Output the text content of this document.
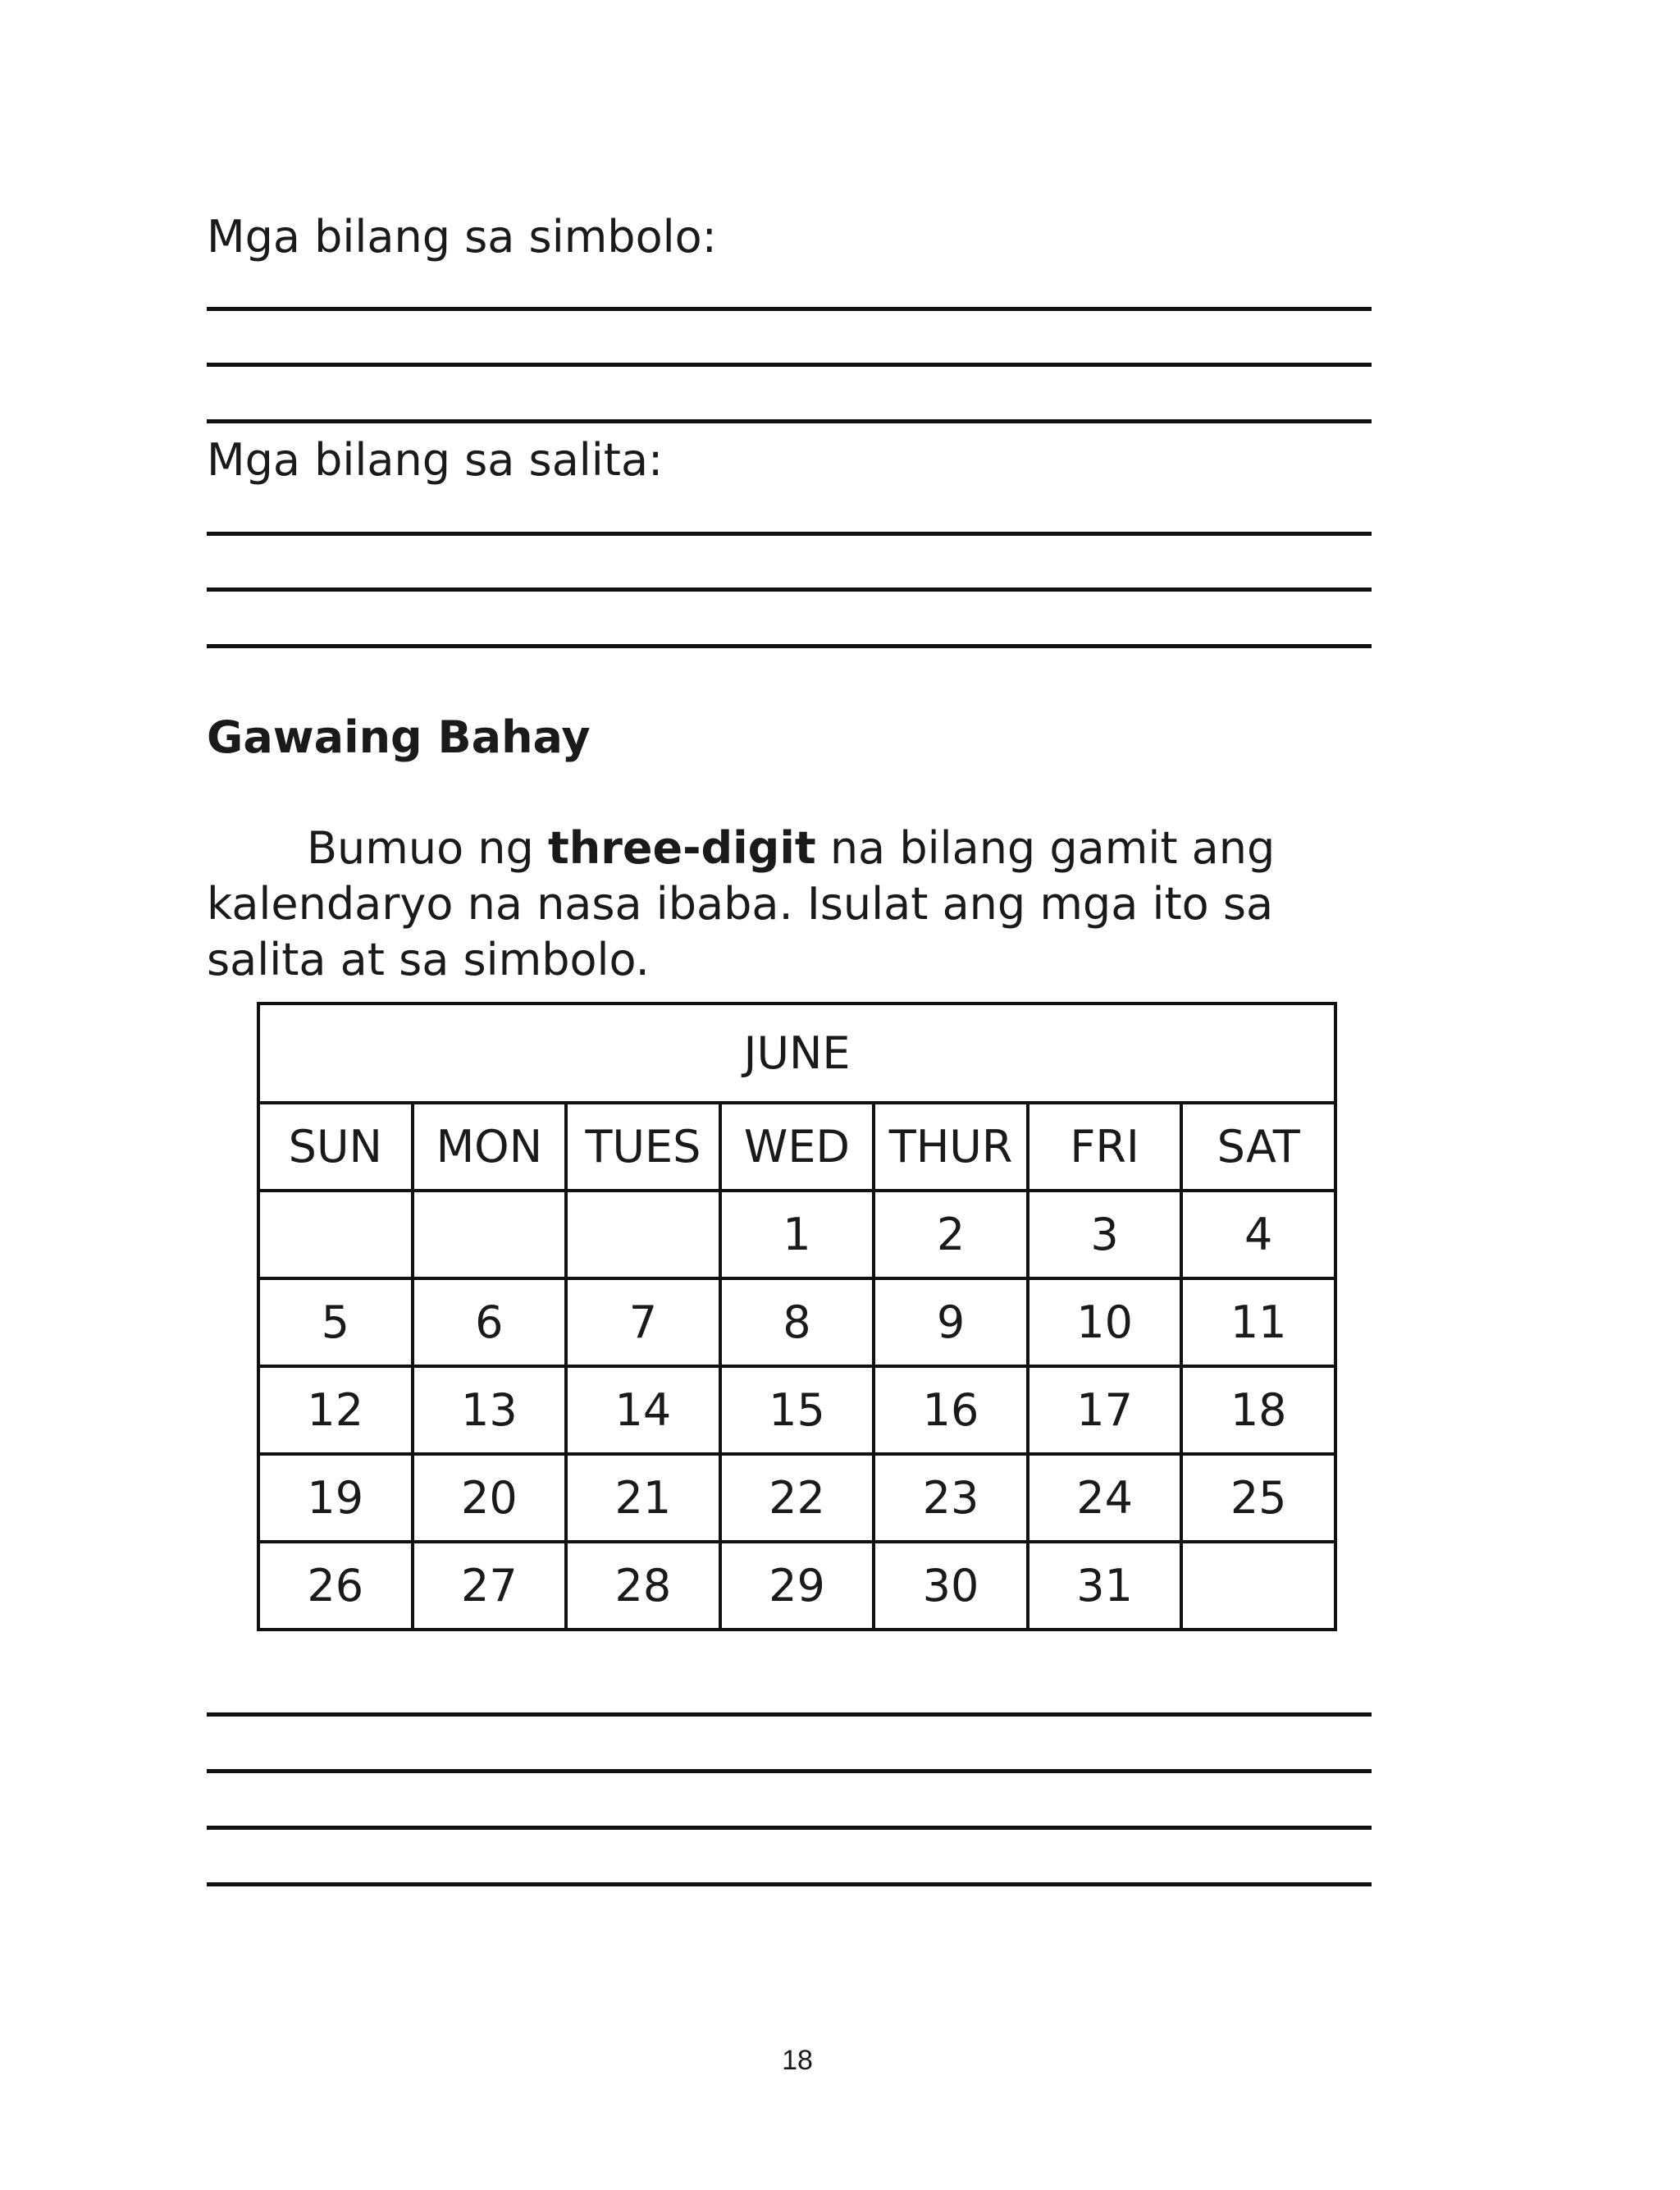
Mga bilang sa simbolo:
Mga bilang sa salita:
Gawaing Bahay
Bumuo ng three-digit na bilang gamit ang kalendaryo na nasa ibaba. Isulat ang mga ito sa salita at sa simbolo.
JUNE						
SUN	MON	TUES	WED	THUR	FRI	SAT
			1	2	3	4
5	6	7	8	9	10	11
12	13	14	15	16	17	18
19	20	21	22	23	24	25
26	27	28	29	30	31	
18
